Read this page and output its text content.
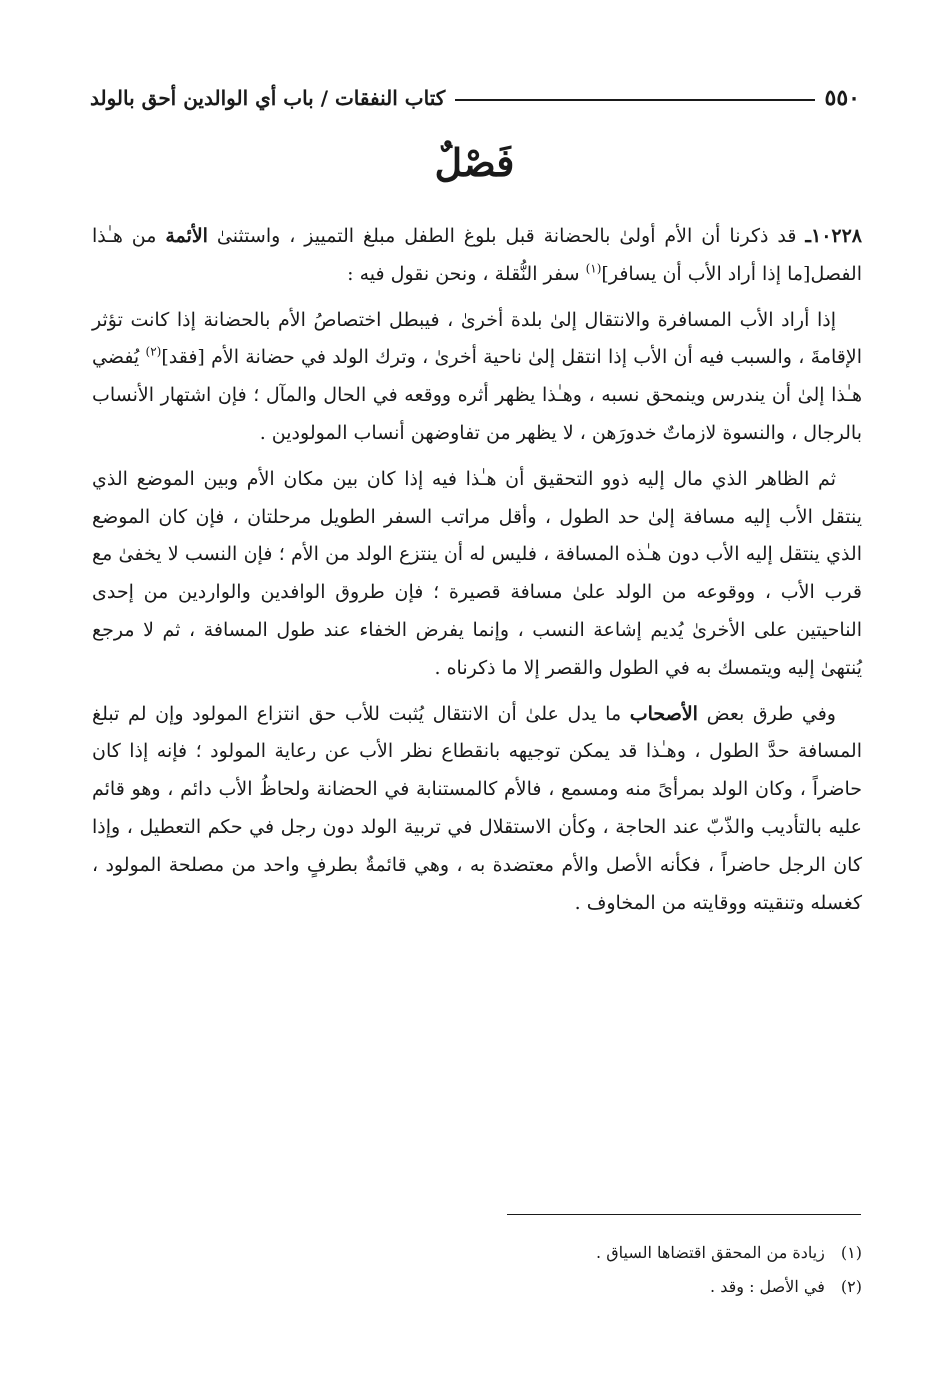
٥٥٠
كتاب النفقات / باب أي الوالدين أحق بالولد
فَصْلٌ

١٠٢٢٨ـ قد ذكرنا أن الأم أولىٰ بالحضانة قبل بلوغ الطفل مبلغ التمييز ، واستثنىٰ الأئمة من هـٰذا الفصل[ما إذا أراد الأب أن يسافر]$^{(١)}$ سفر النُّقلة ، ونحن نقول فيه :

إذا أراد الأب المسافرة والانتقال إلىٰ بلدة أخرىٰ ، فيبطل اختصاصُ الأم بالحضانة إذا كانت تؤثر الإقامةَ ، والسبب فيه أن الأب إذا انتقل إلىٰ ناحية أخرىٰ ، وترك الولد في حضانة الأم [فقد]$^{(٢)}$ يُفضي هـٰذا إلىٰ أن يندرس وينمحق نسبه ، وهـٰذا يظهر أثره ووقعه في الحال والمآل ؛ فإن اشتهار الأنساب بالرجال ، والنسوة لازماتٌ خدورَهن ، لا يظهر من تفاوضهن أنساب المولودين .

ثم الظاهر الذي مال إليه ذوو التحقيق أن هـٰذا فيه إذا كان بين مكان الأم وبين الموضع الذي ينتقل الأب إليه مسافة إلىٰ حد الطول ، وأقل مراتب السفر الطويل مرحلتان ، فإن كان الموضع الذي ينتقل إليه الأب دون هـٰذه المسافة ، فليس له أن ينتزع الولد من الأم ؛ فإن النسب لا يخفىٰ مع قرب الأب ، ووقوعه من الولد علىٰ مسافة قصيرة ؛ فإن طروق الوافدين والواردين من إحدى الناحيتين على الأخرىٰ يُديم إشاعة النسب ، وإنما يفرض الخفاء عند طول المسافة ، ثم لا مرجع يُنتهىٰ إليه ويتمسك به في الطول والقصر إلا ما ذكرناه .

وفي طرق بعض الأصحاب ما يدل علىٰ أن الانتقال يُثبت للأب حق انتزاع المولود وإن لم تبلغ المسافة حدَّ الطول ، وهـٰذا قد يمكن توجيهه بانقطاع نظر الأب عن رعاية المولود ؛ فإنه إذا كان حاضراً ، وكان الولد بمرأىً منه ومسمع ، فالأم كالمستنابة في الحضانة ولحاظُ الأب دائم ، وهو قائم عليه بالتأديب والذّبّ عند الحاجة ، وكأن الاستقلال في تربية الولد دون رجل في حكم التعطيل ، وإذا كان الرجل حاضراً ، فكأنه الأصل والأم معتضدة به ، وهي قائمةٌ بطرفٍ واحد من مصلحة المولود ، كغسله وتنقيته ووقايته من المخاوف .

(١)
زيادة من المحقق اقتضاها السياق .
(٢)
في الأصل : وقد .
